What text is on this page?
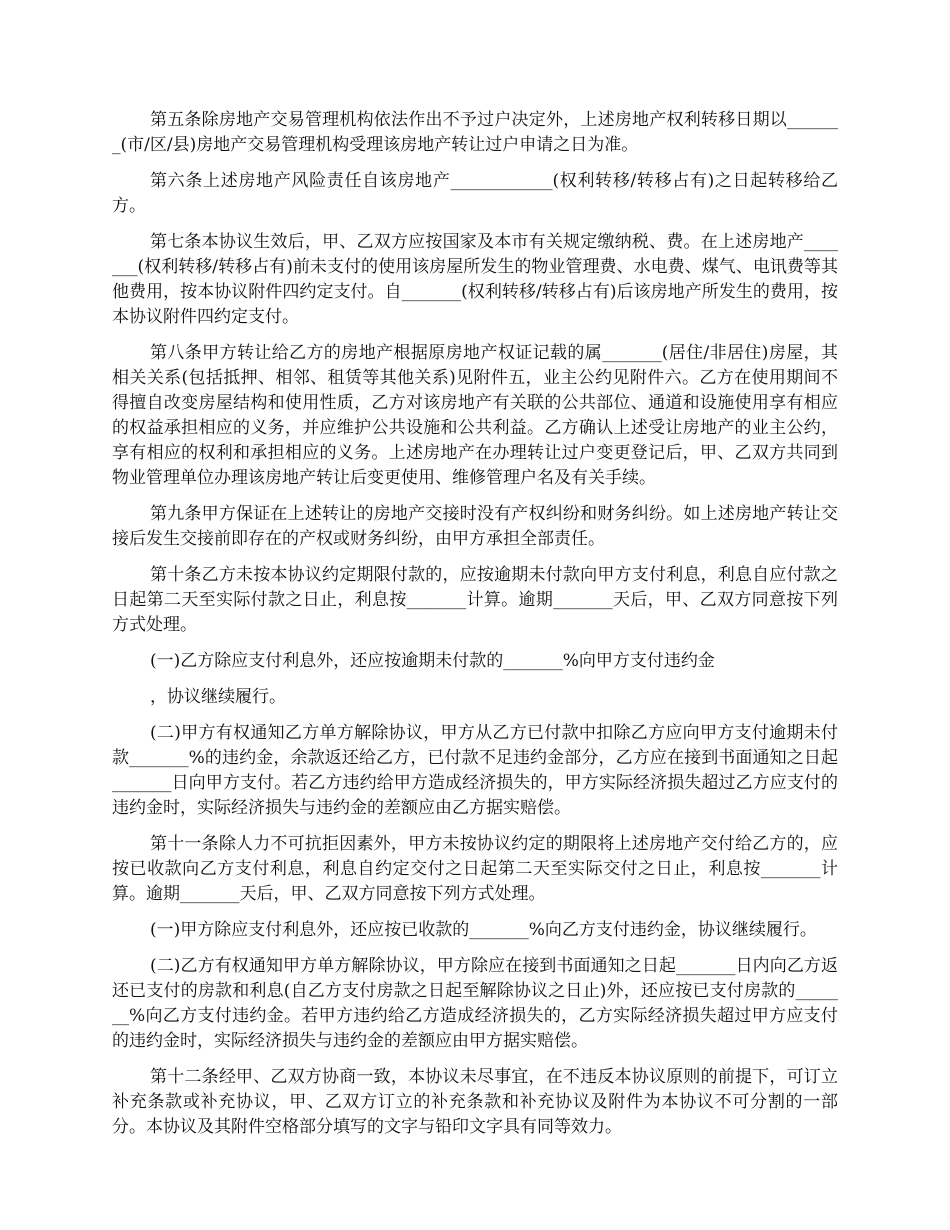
第五条除房地产交易管理机构依法作出不予过户决定外，上述房地产权利转移日期以_______(市/区/县)房地产交易管理机构受理该房地产转让过户申请之日为准。

第六条上述房地产风险责任自该房地产____________(权利转移/转移占有)之日起转移给乙方。

第七条本协议生效后，甲、乙双方应按国家及本市有关规定缴纳税、费。在上述房地产_______(权利转移/转移占有)前未支付的使用该房屋所发生的物业管理费、水电费、煤气、电讯费等其他费用，按本协议附件四约定支付。自_______(权利转移/转移占有)后该房地产所发生的费用，按本协议附件四约定支付。

第八条甲方转让给乙方的房地产根据原房地产权证记载的属_______(居住/非居住)房屋，其相关关系(包括抵押、相邻、租赁等其他关系)见附件五，业主公约见附件六。乙方在使用期间不得擅自改变房屋结构和使用性质，乙方对该房地产有关联的公共部位、通道和设施使用享有相应的权益承担相应的义务，并应维护公共设施和公共利益。乙方确认上述受让房地产的业主公约，享有相应的权利和承担相应的义务。上述房地产在办理转让过户变更登记后，甲、乙双方共同到物业管理单位办理该房地产转让后变更使用、维修管理户名及有关手续。

第九条甲方保证在上述转让的房地产交接时没有产权纠纷和财务纠纷。如上述房地产转让交接后发生交接前即存在的产权或财务纠纷，由甲方承担全部责任。

第十条乙方未按本协议约定期限付款的，应按逾期未付款向甲方支付利息，利息自应付款之日起第二天至实际付款之日止，利息按_______计算。逾期_______天后，甲、乙双方同意按下列方式处理。

(一)乙方除应支付利息外，还应按逾期未付款的_______%向甲方支付违约金

，协议继续履行。

(二)甲方有权通知乙方单方解除协议，甲方从乙方已付款中扣除乙方应向甲方支付逾期未付款_______%的违约金，余款返还给乙方，已付款不足违约金部分，乙方应在接到书面通知之日起_______日向甲方支付。若乙方违约给甲方造成经济损失的，甲方实际经济损失超过乙方应支付的违约金时，实际经济损失与违约金的差额应由乙方据实赔偿。

第十一条除人力不可抗拒因素外，甲方未按协议约定的期限将上述房地产交付给乙方的，应按已收款向乙方支付利息，利息自约定交付之日起第二天至实际交付之日止，利息按_______计算。逾期_______天后，甲、乙双方同意按下列方式处理。

(一)甲方除应支付利息外，还应按已收款的_______%向乙方支付违约金，协议继续履行。

(二)乙方有权通知甲方单方解除协议，甲方除应在接到书面通知之日起_______日内向乙方返还已支付的房款和利息(自乙方支付房款之日起至解除协议之日止)外，还应按已支付房款的_______%向乙方支付违约金。若甲方违约给乙方造成经济损失的，乙方实际经济损失超过甲方应支付的违约金时，实际经济损失与违约金的差额应由甲方据实赔偿。

第十二条经甲、乙双方协商一致，本协议未尽事宜，在不违反本协议原则的前提下，可订立补充条款或补充协议，甲、乙双方订立的补充条款和补充协议及附件为本协议不可分割的一部分。本协议及其附件空格部分填写的文字与铅印文字具有同等效力。
